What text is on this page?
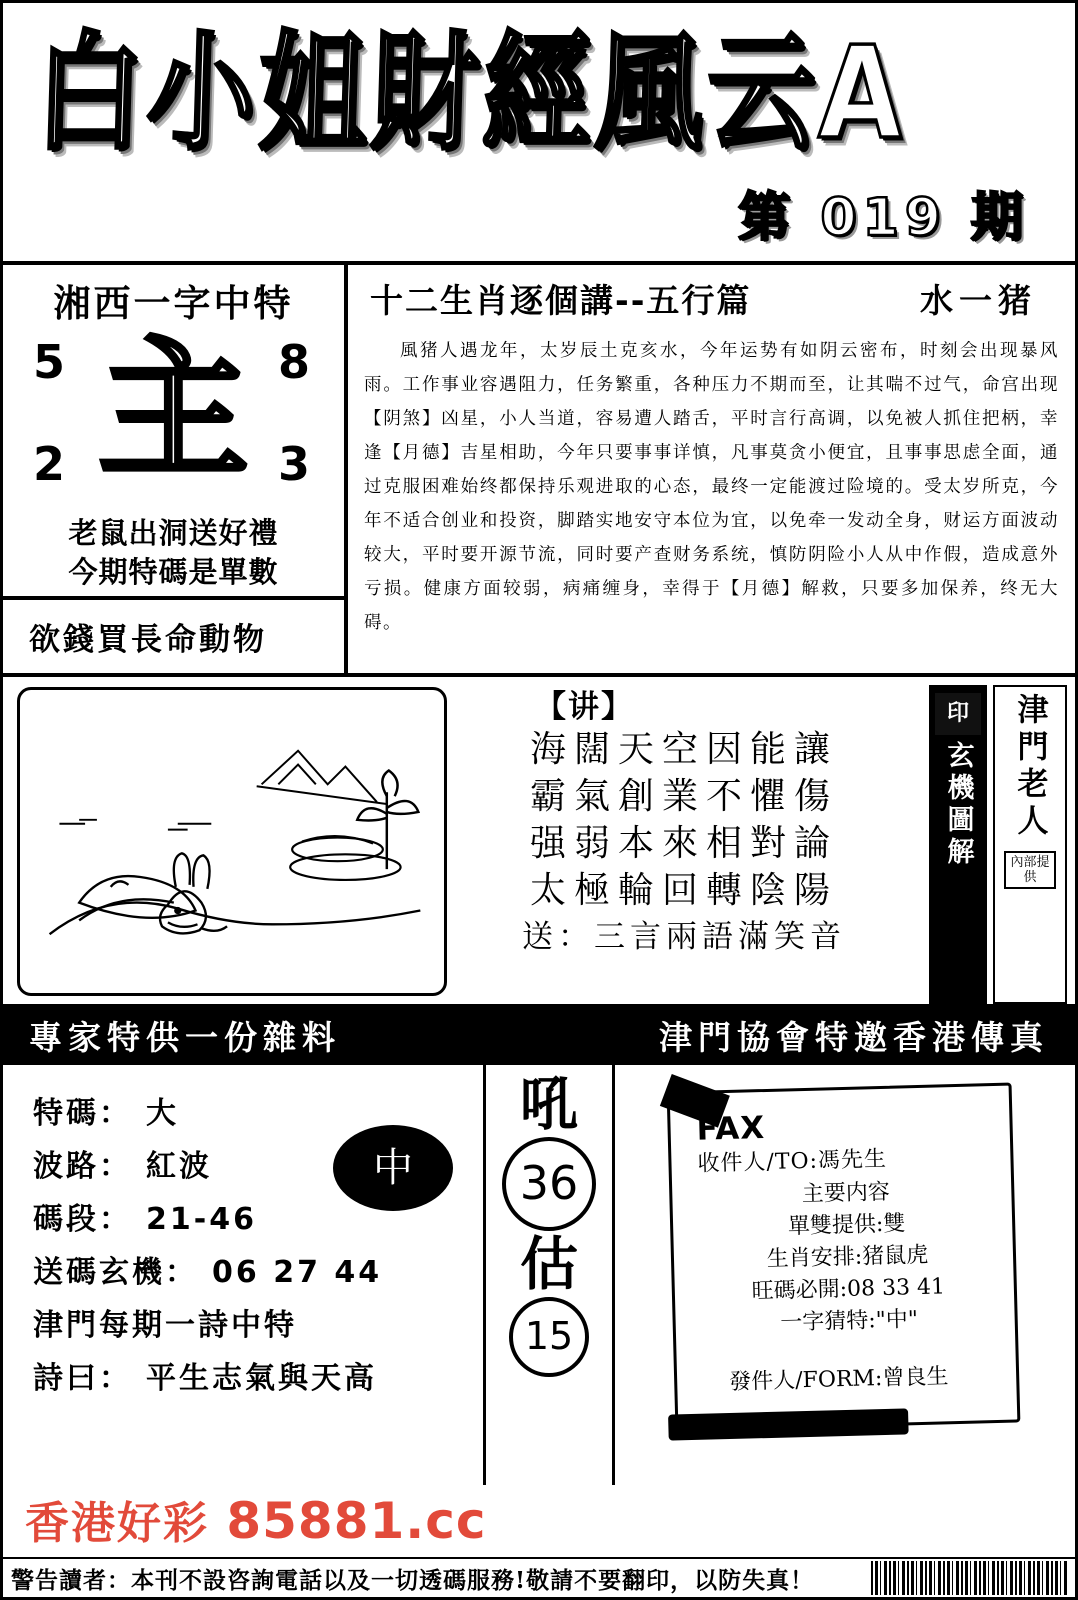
白小姐財經風云A
第 019 期
湘西一字中特
5	8
2	3
主
老鼠出洞送好禮
今期特碼是單數
欲錢買長命動物
十二生肖逐個講--五行篇	水一猪
風猪人遇龙年，太岁辰土克亥水，今年运势有如阴云密布，时刻会出现暴风雨。工作事业容遇阻力，任务繁重，各种压力不期而至，让其喘不过气，命宫出现【阴煞】凶星，小人当道，容易遭人踏舌，平时言行高调，以免被人抓住把柄，幸逢【月德】吉星相助，今年只要事事详慎，凡事莫贪小便宜，且事事思虑全面，通过克服困难始终都保持乐观进取的心态，最终一定能渡过险境的。受太岁所克，今年不适合创业和投资，脚踏实地安守本位为宜，以免牵一发动全身，财运方面波动较大，平时要开源节流，同时要产查财务系统，慎防阴险小人从中作假，造成意外亏损。健康方面较弱，病痛缠身，幸得于【月德】解救，只要多加保养，终无大碍。
【讲】
海闊天空因能讓
霸氣創業不懼傷
强弱本來相對論
太極輪回轉陰陽
送：三言兩語滿笑音
印
玄機圖解	津門老人
內部提供
專家特供一份雜料	津門協會特邀香港傳真
特碼： 大
波路： 紅波
碼段： 21-46
送碼玄機： 06 27 44
津門每期一詩中特
詩曰： 平生志氣與天高
中
吼
36
估
15
FAX
收件人/TO:馮先生
主要内容
單雙提供:雙
生肖安排:猪鼠虎
旺碼必開:08 33 41
一字猜特:"中"
發件人/FORM:曾良生
香港好彩 85881.cc
警告讀者：本刊不設咨詢電話以及一切透碼服務!敬請不要翻印，以防失真！
